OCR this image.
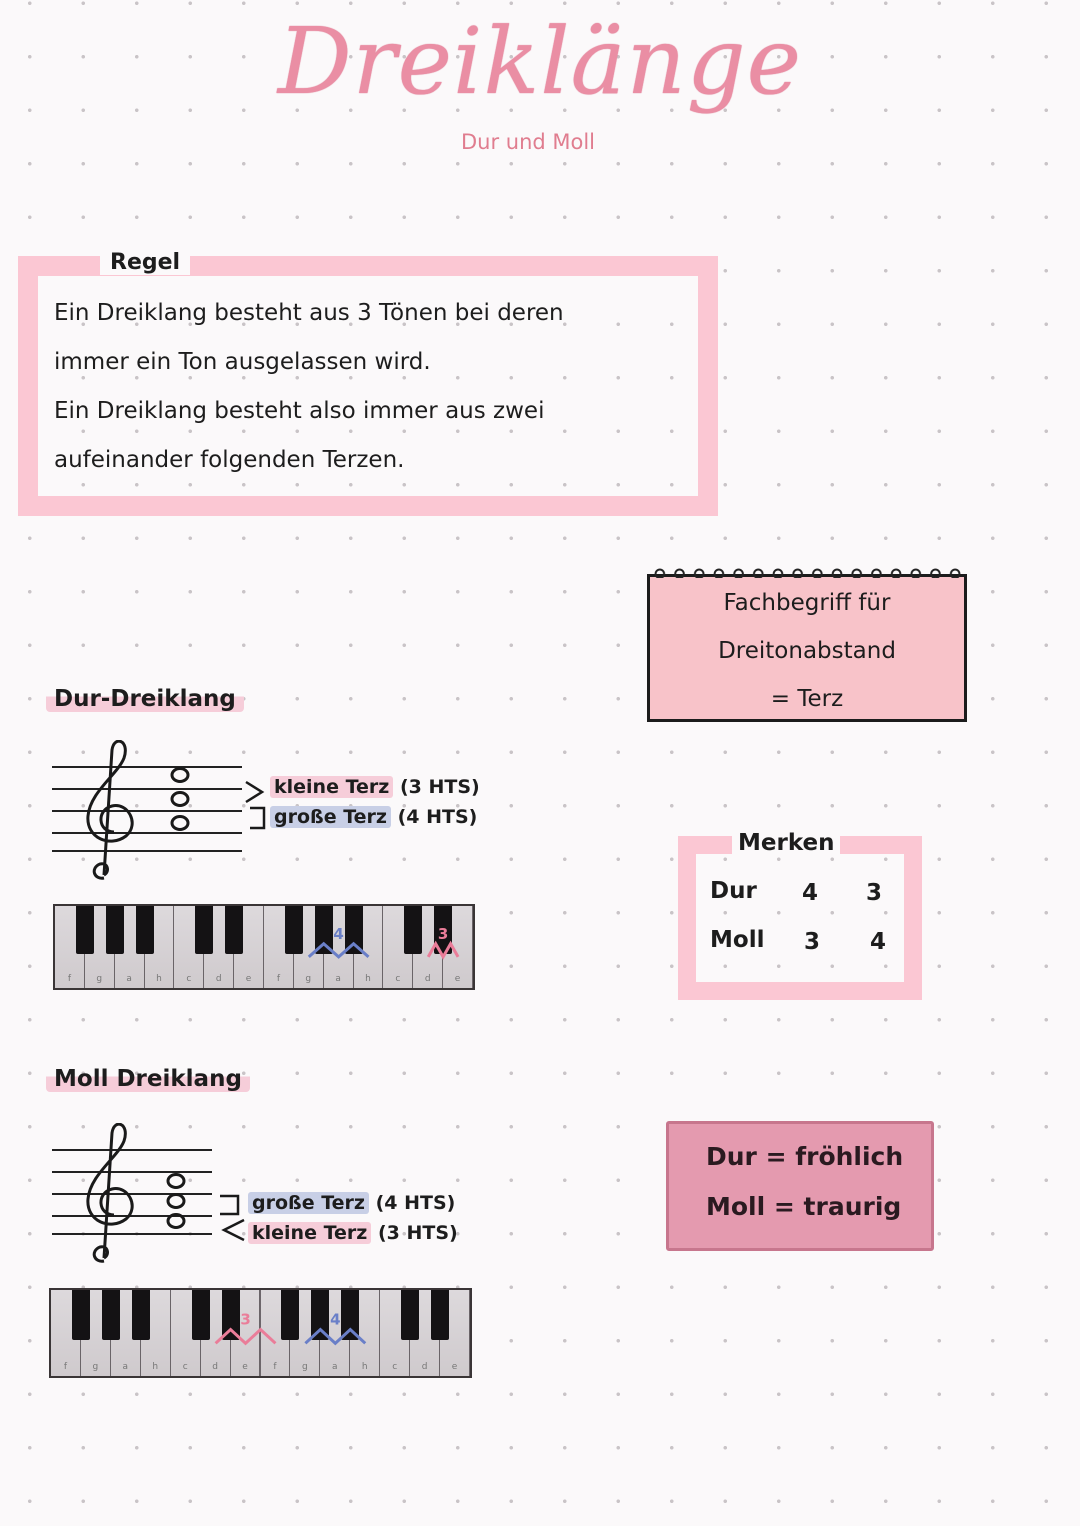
Dreiklänge
Dur und Moll
Regel
Ein Dreiklang besteht aus 3 Tönen bei deren
immer ein Ton ausgelassen wird.
Ein Dreiklang besteht also immer aus zwei
aufeinander folgenden Terzen.
Fachbegriff für
Dreitonabstand
= Terz
Dur-Dreiklang
kleine Terz (3 HTS)
große Terz (4 HTS)
f	g	a	h	c	d	e	f	g	a	h	c	d	e
4	3
Merken
Dur 4 3
Moll 3 4
Moll Dreiklang
große Terz (4 HTS)
kleine Terz (3 HTS)
f	g	a	h	c	d	e	f	g	a	h	c	d	e
3	4
Dur = fröhlich
Moll = traurig
